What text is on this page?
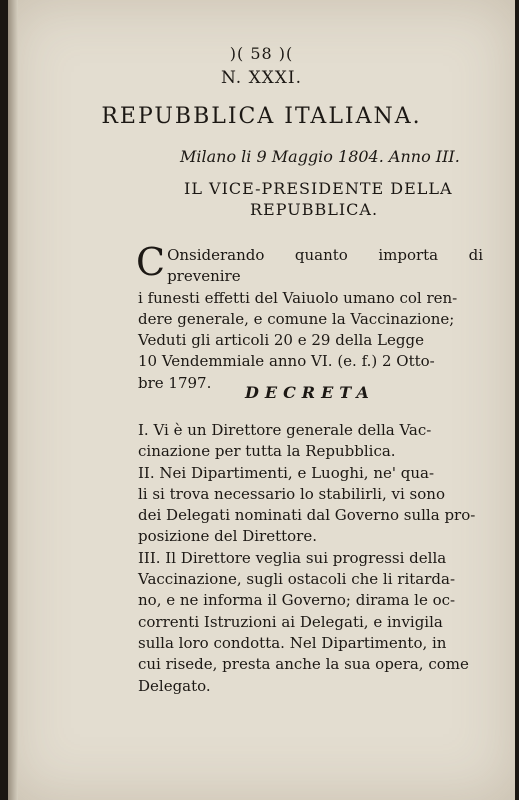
)( 58 )(
N. XXXI.
REPUBBLICA ITALIANA.
Milano li 9 Maggio 1804. Anno III.
IL VICE-PRESIDENTE DELLA
REPUBBLICA.
C Onsiderando quanto importa di prevenire
i funesti effetti del Vaiuolo umano col ren-
dere generale, e comune la Vaccinazione;
Veduti gli articoli 20 e 29 della Legge
10 Vendemmiale anno VI. (e. f.) 2 Otto-
bre 1797.
DECRETA
I. Vi è un Direttore generale della Vac-
cinazione per tutta la Repubblica.
II. Nei Dipartimenti, e Luoghi, ne' qua-
li si trova necessario lo stabilirli, vi sono
dei Delegati nominati dal Governo sulla pro-
posizione del Direttore.
III. Il Direttore veglia sui progressi della
Vaccinazione, sugli ostacoli che li ritarda-
no, e ne informa il Governo; dirama le oc-
correnti Istruzioni ai Delegati, e invigila
sulla loro condotta. Nel Dipartimento, in
cui risede, presta anche la sua opera, come
Delegato.
